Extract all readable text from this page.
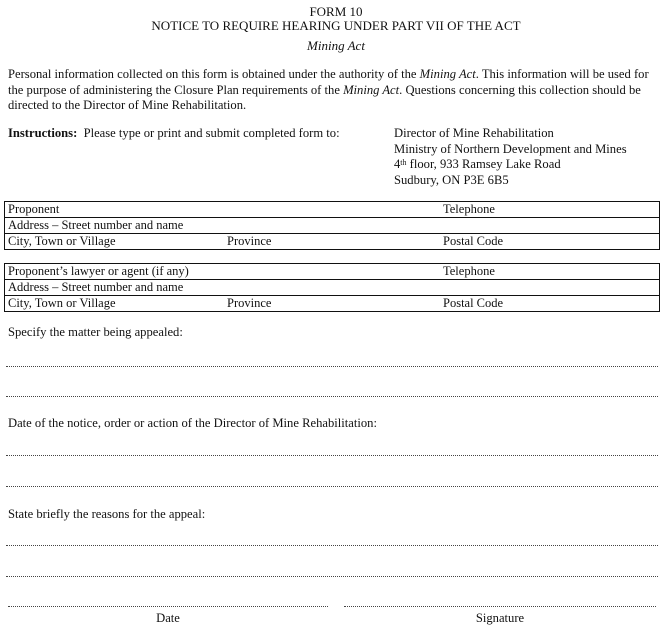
FORM 10
NOTICE TO REQUIRE HEARING UNDER PART VII OF THE ACT
Mining Act
Personal information collected on this form is obtained under the authority of the Mining Act. This information will be used for the purpose of administering the Closure Plan requirements of the Mining Act. Questions concerning this collection should be directed to the Director of Mine Rehabilitation.
Instructions: Please type or print and submit completed form to:	Director of Mine Rehabilitation
Ministry of Northern Development and Mines
4th floor, 933 Ramsey Lake Road
Sudbury, ON P3E 6B5
Proponent	Telephone
Address – Street number and name
City, Town or Village	Province	Postal Code
Proponent’s lawyer or agent (if any)	Telephone
Address – Street number and name
City, Town or Village	Province	Postal Code
Specify the matter being appealed:
Date of the notice, order or action of the Director of Mine Rehabilitation:
State briefly the reasons for the appeal:
Date	Signature
